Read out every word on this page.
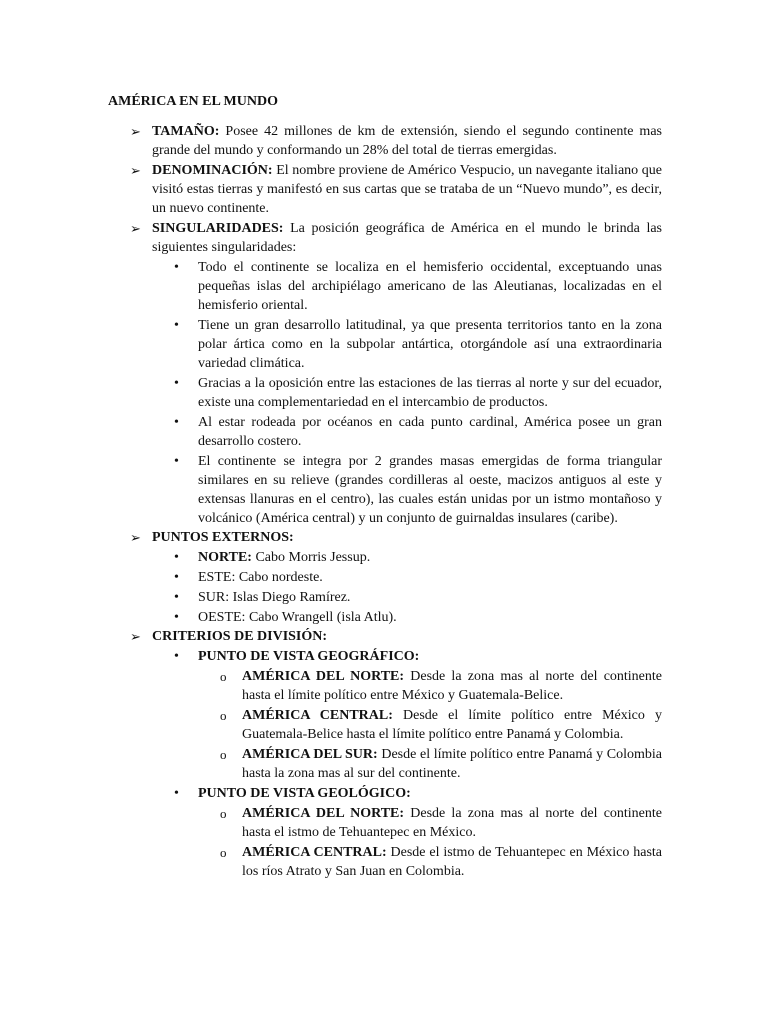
AMÉRICA EN EL MUNDO
➢ TAMAÑO: Posee 42 millones de km de extensión, siendo el segundo continente mas grande del mundo y conformando un 28% del total de tierras emergidas.
➢ DENOMINACIÓN: El nombre proviene de Américo Vespucio, un navegante italiano que visitó estas tierras y manifestó en sus cartas que se trataba de un “Nuevo mundo”, es decir, un nuevo continente.
➢ SINGULARIDADES: La posición geográfica de América en el mundo le brinda las siguientes singularidades:
• Todo el continente se localiza en el hemisferio occidental, exceptuando unas pequeñas islas del archipiélago americano de las Aleutianas, localizadas en el hemisferio oriental.
• Tiene un gran desarrollo latitudinal, ya que presenta territorios tanto en la zona polar ártica como en la subpolar antártica, otorgándole así una extraordinaria variedad climática.
• Gracias a la oposición entre las estaciones de las tierras al norte y sur del ecuador, existe una complementariedad en el intercambio de productos.
• Al estar rodeada por océanos en cada punto cardinal, América posee un gran desarrollo costero.
• El continente se integra por 2 grandes masas emergidas de forma triangular similares en su relieve (grandes cordilleras al oeste, macizos antiguos al este y extensas llanuras en el centro), las cuales están unidas por un istmo montañoso y volcánico (América central) y un conjunto de guirnaldas insulares (caribe).
➢ PUNTOS EXTERNOS:
• NORTE: Cabo Morris Jessup.
• ESTE: Cabo nordeste.
• SUR: Islas Diego Ramírez.
• OESTE: Cabo Wrangell (isla Atlu).
➢ CRITERIOS DE DIVISIÓN:
• PUNTO DE VISTA GEOGRÁFICO:
o AMÉRICA DEL NORTE: Desde la zona mas al norte del continente hasta el límite político entre México y Guatemala-Belice.
o AMÉRICA CENTRAL: Desde el límite político entre México y Guatemala-Belice hasta el límite político entre Panamá y Colombia.
o AMÉRICA DEL SUR: Desde el límite político entre Panamá y Colombia hasta la zona mas al sur del continente.
• PUNTO DE VISTA GEOLÓGICO:
o AMÉRICA DEL NORTE: Desde la zona mas al norte del continente hasta el istmo de Tehuantepec en México.
o AMÉRICA CENTRAL: Desde el istmo de Tehuantepec en México hasta los ríos Atrato y San Juan en Colombia.
